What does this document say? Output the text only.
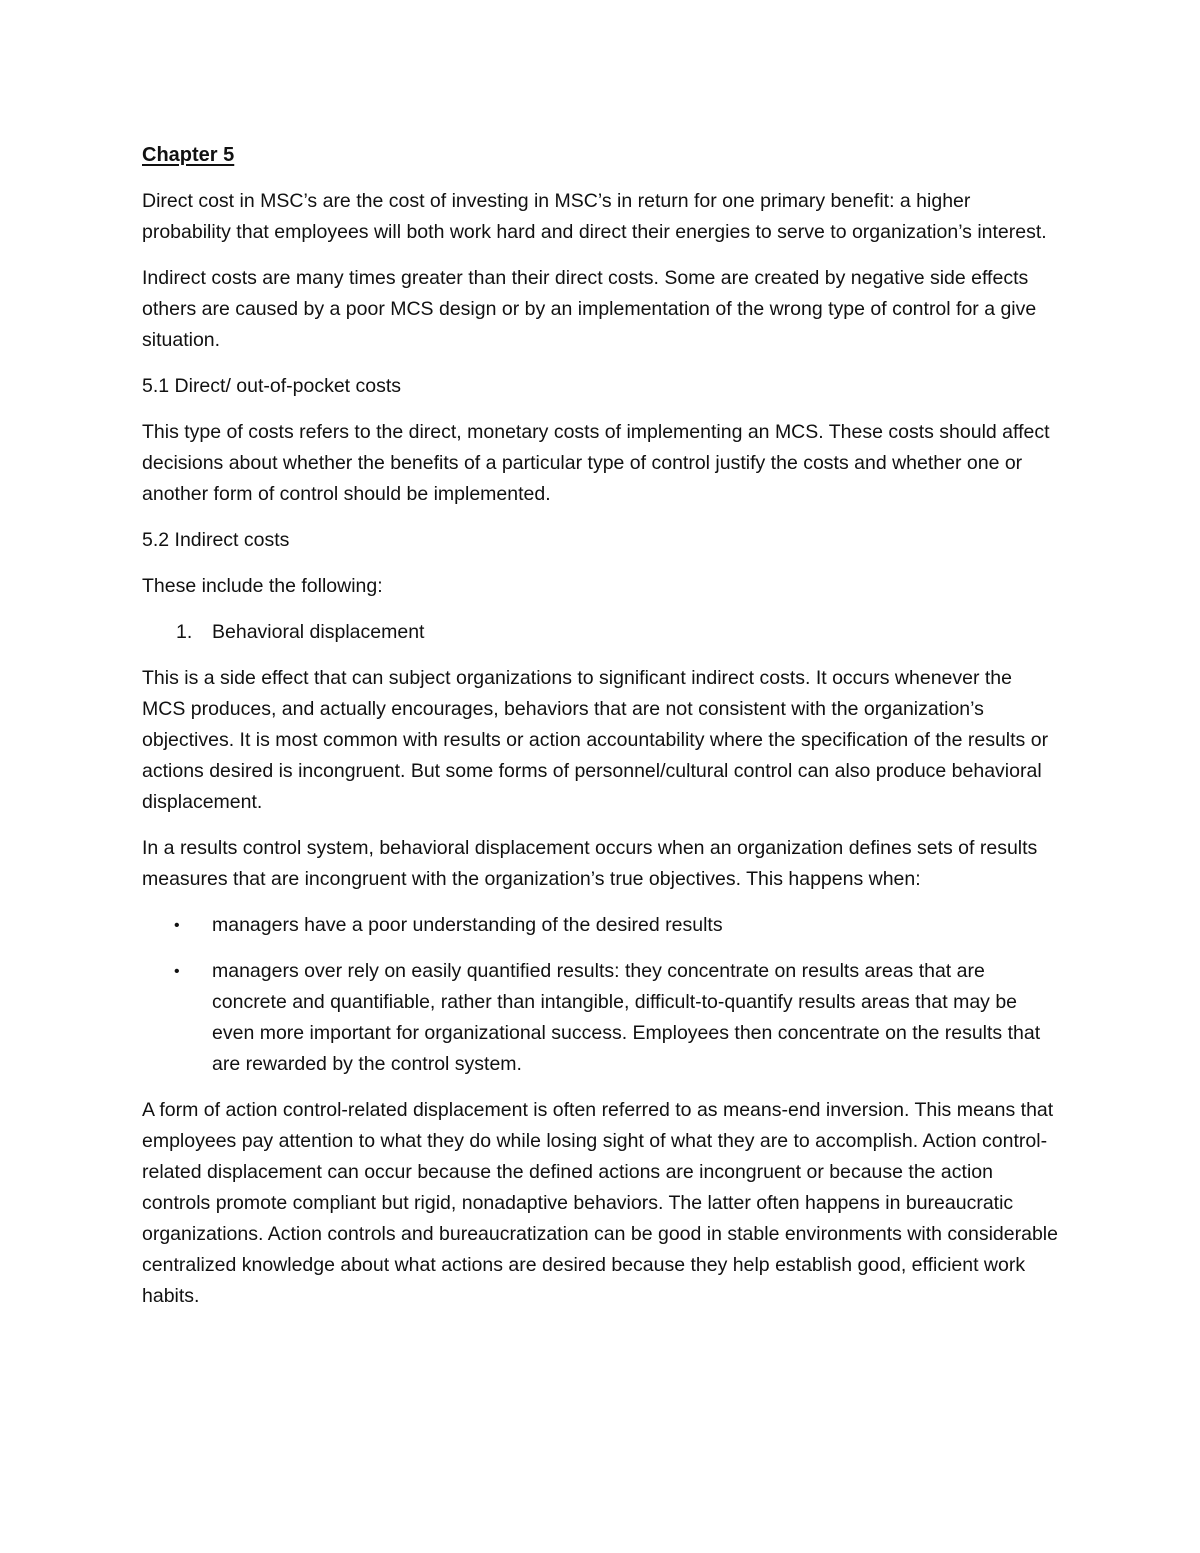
Chapter 5

Direct cost in MSC’s are the cost of investing in MSC’s in return for one primary benefit: a higher probability that employees will both work hard and direct their energies to serve to organization’s interest.

Indirect costs are many times greater than their direct costs. Some are created by negative side effects others are caused by a poor MCS design or by an implementation of the wrong type of control for a give situation.

5.1 Direct/ out-of-pocket costs

This type of costs refers to the direct, monetary costs of implementing an MCS. These costs should affect decisions about whether the benefits of a particular type of control justify the costs and whether one or another form of control should be implemented.

5.2 Indirect costs

These include the following:

1. Behavioral displacement

This is a side effect that can subject organizations to significant indirect costs. It occurs whenever the MCS produces, and actually encourages, behaviors that are not consistent with the organization’s objectives. It is most common with results or action accountability where the specification of the results or actions desired is incongruent. But some forms of personnel/cultural control can also produce behavioral displacement.

In a results control system, behavioral displacement occurs when an organization defines sets of results measures that are incongruent with the organization’s true objectives. This happens when:

• managers have a poor understanding of the desired results
• managers over rely on easily quantified results: they concentrate on results areas that are concrete and quantifiable, rather than intangible, difficult-to-quantify results areas that may be even more important for organizational success. Employees then concentrate on the results that are rewarded by the control system.

A form of action control-related displacement is often referred to as means-end inversion. This means that employees pay attention to what they do while losing sight of what they are to accomplish. Action control-related displacement can occur because the defined actions are incongruent or because the action controls promote compliant but rigid, nonadaptive behaviors. The latter often happens in bureaucratic organizations. Action controls and bureaucratization can be good in stable environments with considerable centralized knowledge about what actions are desired because they help establish good, efficient work habits.
